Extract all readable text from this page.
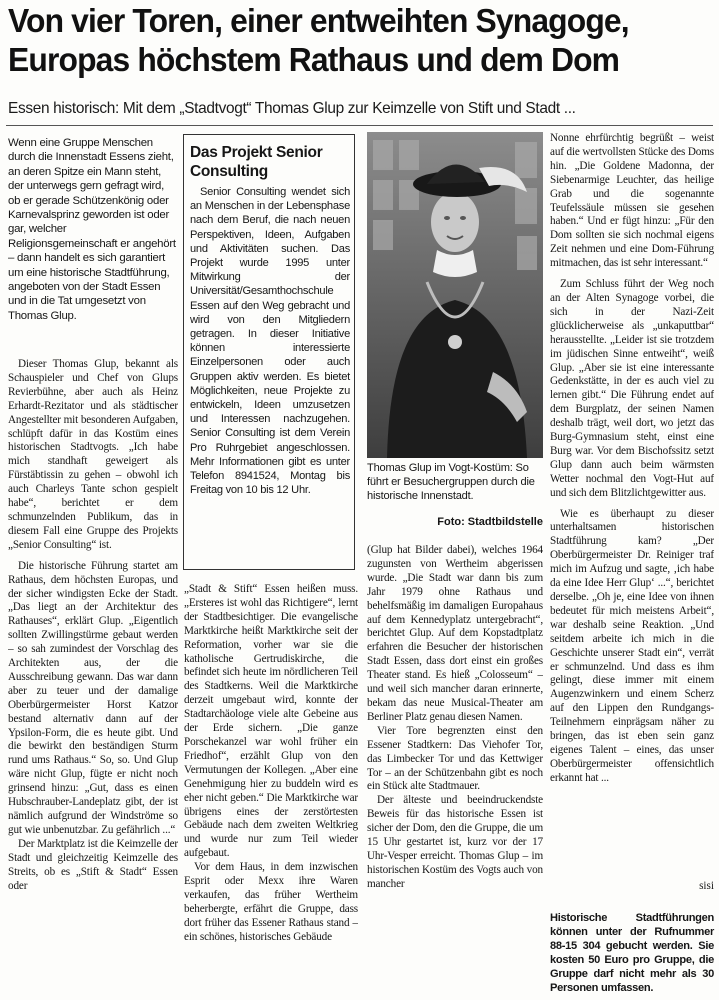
Von vier Toren, einer entweihten Synagoge,
Europas höchstem Rathaus und dem Dom

Essen historisch: Mit dem „Stadtvogt“ Thomas Glup zur Keimzelle von Stift und Stadt ...

Wenn eine Gruppe Menschen durch die Innenstadt Essens zieht, an deren Spitze ein Mann steht, der unterwegs gern gefragt wird, ob er gerade Schützenkönig oder Karnevalsprinz geworden ist oder gar, welcher Religionsgemeinschaft er angehört – dann handelt es sich garantiert um eine historische Stadtführung, angeboten von der Stadt Essen und in die Tat umgesetzt von Thomas Glup.

Dieser Thomas Glup, bekannt als Schauspieler und Chef von Glups Revierbühne, aber auch als Heinz Erhardt-Rezitator und als städtischer Angestellter mit besonderen Aufgaben, schlüpft dafür in das Kostüm eines historischen Stadtvogts. „Ich habe mich standhaft geweigert als Fürstäbtissin zu gehen – obwohl ich auch Charleys Tante schon gespielt habe“, berichtet er dem schmunzelnden Publikum, das in diesem Fall eine Gruppe des Projekts „Senior Consulting“ ist.

Die historische Führung startet am Rathaus, dem höchsten Europas, und der sicher windigsten Ecke der Stadt. „Das liegt an der Architektur des Rathauses“, erklärt Glup. „Eigentlich sollten Zwillingstürme gebaut werden – so sah zumindest der Vorschlag des Architekten aus, der die Ausschreibung gewann. Das war dann aber zu teuer und der damalige Oberbürgermeister Horst Katzor bestand alternativ dann auf der Ypsilon-Form, die es heute gibt. Und die bewirkt den beständigen Sturm rund ums Rathaus.“ So, so. Und Glup wäre nicht Glup, fügte er nicht noch grinsend hinzu: „Gut, dass es einen Hubschrauber-Landeplatz gibt, der ist nämlich aufgrund der Windströme so gut wie unbenutzbar. Zu gefährlich ...“

Der Marktplatz ist die Keimzelle der Stadt und gleichzeitig Keimzelle des Streits, ob es „Stift & Stadt“ Essen oder

Das Projekt Senior Consulting

Senior Consulting wendet sich an Menschen in der Lebensphase nach dem Beruf, die nach neuen Perspektiven, Ideen, Aufgaben und Aktivitäten suchen. Das Projekt wurde 1995 unter Mitwirkung der Universität/Gesamthochschule Essen auf den Weg gebracht und wird von den Mitgliedern getragen. In dieser Initiative können interessierte Einzelpersonen oder auch Gruppen aktiv werden. Es bietet Möglichkeiten, neue Projekte zu entwickeln, Ideen umzusetzen und Interessen nachzugehen. Senior Consulting ist dem Verein Pro Ruhrgebiet angeschlossen. Mehr Informationen gibt es unter Telefon 8941524, Montag bis Freitag von 10 bis 12 Uhr.

„Stadt & Stift“ Essen heißen muss. „Ersteres ist wohl das Richtigere“, lernt der Stadtbesichtiger. Die evangelische Marktkirche heißt Marktkirche seit der Reformation, vorher war sie die katholische Gertrudiskirche, die befindet sich heute im nördlicheren Teil des Stadtkerns. Weil die Marktkirche derzeit umgebaut wird, konnte der Stadtarchäologe viele alte Gebeine aus der Erde sichern. „Die ganze Porschekanzel war wohl früher ein Friedhof“, erzählt Glup von den Vermutungen der Kollegen. „Aber eine Genehmigung hier zu buddeln wird es eher nicht geben.“ Die Marktkirche war übrigens eines der zerstörtesten Gebäude nach dem zweiten Weltkrieg und wurde nur zum Teil wieder aufgebaut.

Vor dem Haus, in dem inzwischen Esprit oder Mexx ihre Waren verkaufen, das früher Wertheim beherbergte, erfährt die Gruppe, dass dort früher das Essener Rathaus stand – ein schönes, historisches Gebäude

Thomas Glup im Vogt-Kostüm: So führt er Besuchergruppen durch die historische Innenstadt.

Foto: Stadtbildstelle

(Glup hat Bilder dabei), welches 1964 zugunsten von Wertheim abgerissen wurde. „Die Stadt war dann bis zum Jahr 1979 ohne Rathaus und behelfsmäßig im damaligen Europahaus auf dem Kennedyplatz untergebracht“, berichtet Glup. Auf dem Kopstadtplatz erfahren die Besucher der historischen Stadt Essen, dass dort einst ein großes Theater stand. Es hieß „Colosseum“ – und weil sich mancher daran erinnerte, bekam das neue Musical-Theater am Berliner Platz genau diesen Namen.

Vier Tore begrenzten einst den Essener Stadtkern: Das Viehofer Tor, das Limbecker Tor und das Kettwiger Tor – an der Schützenbahn gibt es noch ein Stück alte Stadtmauer.

Der älteste und beeindruckendste Beweis für das historische Essen ist sicher der Dom, den die Gruppe, die um 15 Uhr gestartet ist, kurz vor der 17 Uhr-Vesper erreicht. Thomas Glup – im historischen Kostüm des Vogts auch von mancher

Nonne ehrfürchtig begrüßt – weist auf die wertvollsten Stücke des Doms hin. „Die Goldene Madonna, der Siebenarmige Leuchter, das heilige Grab und die sogenannte Teufelssäule müssen sie gesehen haben.“ Und er fügt hinzu: „Für den Dom sollten sie sich nochmal eigens Zeit nehmen und eine Dom-Führung mitmachen, das ist sehr interessant.“

Zum Schluss führt der Weg noch an der Alten Synagoge vorbei, die sich in der Nazi-Zeit glücklicherweise als „unkaputtbar“ herausstellte. „Leider ist sie trotzdem im jüdischen Sinne entweiht“, weiß Glup. „Aber sie ist eine interessante Gedenkstätte, in der es auch viel zu lernen gibt.“ Die Führung endet auf dem Burgplatz, der seinen Namen deshalb trägt, weil dort, wo jetzt das Burg-Gymnasium steht, einst eine Burg war. Vor dem Bischofssitz setzt Glup dann auch beim wärmsten Wetter nochmal den Vogt-Hut auf und sich dem Blitzlichtgewitter aus.

Wie es überhaupt zu dieser unterhaltsamen historischen Stadtführung kam? „Der Oberbürgermeister Dr. Reiniger traf mich im Aufzug und sagte, ‚ich habe da eine Idee Herr Glup‘ ...“, berichtet derselbe. „Oh je, eine Idee von ihnen bedeutet für mich meistens Arbeit“, war deshalb seine Reaktion. „Und seitdem arbeite ich mich in die Geschichte unserer Stadt ein“, verrät er schmunzelnd. Und dass es ihm gelingt, diese immer mit einem Augenzwinkern und einem Scherz auf den Lippen den Rundgangs-Teilnehmern einprägsam näher zu bringen, das ist eben sein ganz eigenes Talent – eines, das unser Oberbürgermeister offensichtlich erkannt hat ...

sisi

Historische Stadtführungen können unter der Rufnummer 88-15 304 gebucht werden. Sie kosten 50 Euro pro Gruppe, die Gruppe darf nicht mehr als 30 Personen umfassen.
